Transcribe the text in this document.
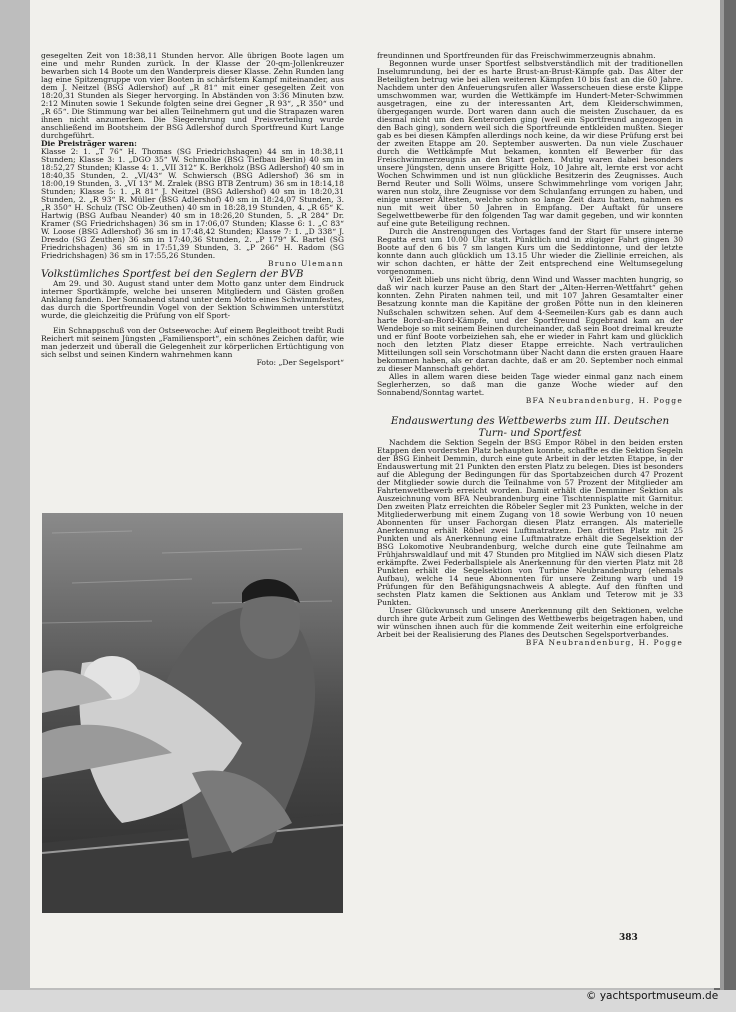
gesegelten Zeit von 18:38,11 Stunden hervor. Alle übrigen Boote lagen um eine und mehr Runden zurück. In der Klasse der 20-qm-Jollenkreuzer bewarben sich 14 Boote um den Wanderpreis dieser Klasse. Zehn Runden lang lag eine Spitzengruppe von vier Booten in schärfstem Kampf miteinander, aus dem J. Neitzel (BSG Adlershof) auf „R 81“ mit einer gesegelten Zeit von 18:20,31 Stunden als Sieger hervorging. In Abständen von 3:36 Minuten bzw. 2:12 Minuten sowie 1 Sekunde folgten seine drei Gegner „R 93“, „R 350“ und „R 65“. Die Stimmung war bei allen Teilnehmern gut und die Strapazen waren ihnen nicht anzumerken. Die Siegerehrung und Preisverteilung wurde anschließend im Bootsheim der BSG Adlershof durch Sportfreund Kurt Lange durchgeführt.

Die Preisträger waren:

Klasse 2: 1. „T 76“ H. Thomas (SG Friedrichshagen) 44 sm in 18:38,11 Stunden; Klasse 3: 1. „DGO 35“ W. Schmolke (BSG Tiefbau Berlin) 40 sm in 18:52,27 Stunden; Klasse 4: 1. „VII 312“ K. Berkholz (BSG Adlershof) 40 sm in 18:40,35 Stunden, 2. „VI/43“ W. Schwiersch (BSG Adlershof) 36 sm in 18:00,19 Stunden, 3. „VI 13“ M. Zralek (BSG BTB Zentrum) 36 sm in 18:14,18 Stunden; Klasse 5: 1. „R 81“ J. Neitzel (BSG Adlershof) 40 sm in 18:20,31 Stunden, 2. „R 93“ R. Müller (BSG Adlershof) 40 sm in 18:24,07 Stunden, 3. „R 350“ H. Schulz (TSC Ob-Zeuthen) 40 sm in 18:28,19 Stunden, 4. „R 65“ K. Hartwig (BSG Aufbau Neander) 40 sm in 18:26,20 Stunden, 5. „R 284“ Dr. Kramer (SG Friedrichshagen) 36 sm in 17:06,07 Stunden; Klasse 6: 1. „C 83“ W. Loose (BSG Adlershof) 36 sm in 17:48,42 Stunden; Klasse 7: 1. „D 338“ J. Dresdo (SG Zeuthen) 36 sm in 17:40,36 Stunden, 2. „P 179“ K. Bartel (SG Friedrichshagen) 36 sm in 17:51,39 Stunden, 3. „P 266“ H. Radom (SG Friedrichshagen) 36 sm in 17:55,26 Stunden.

Bruno Ulemann

Volkstümliches Sportfest bei den Seglern der BVB

Am 29. und 30. August stand unter dem Motto ganz unter dem Eindruck interner Sportkämpfe, welche bei unseren Mitgliedern und Gästen großen Anklang fanden. Der Sonnabend stand unter dem Motto eines Schwimmfestes, das durch die Sportfreundin Vogel von der Sektion Schwimmen unterstützt wurde, die gleichzeitig die Prüfung von elf Sport-

Ein Schnappschuß von der Ostseewoche: Auf einem Begleitboot treibt Rudi Reichert mit seinem Jüngsten „Familiensport“, ein schönes Zeichen dafür, wie man jederzeit und überall die Gelegenheit zur körperlichen Ertüchtigung von sich selbst und seinen Kindern wahrnehmen kann

Foto: „Der Segelsport“

freundinnen und Sportfreunden für das Freischwimmerzeugnis abnahm.

Begonnen wurde unser Sportfest selbstverständlich mit der traditionellen Inselumrundung, bei der es harte Brust-an-Brust-Kämpfe gab. Das Alter der Beteiligten betrug wie bei allen weiteren Kämpfen 10 bis fast an die 60 Jahre. Nachdem unter den Anfeuerungsrufen aller Wasserscheuen diese erste Klippe umschwommen war, wurden die Wettkämpfe im Hundert-Meter-Schwimmen ausgetragen, eine zu der interessanten Art, dem Kleiderschwimmen, übergegangen wurde. Dort waren dann auch die meisten Zuschauer, da es diesmal nicht um den Kenterorden ging (weil ein Sportfreund angezogen in den Bach ging), sondern weil sich die Sportfreunde entkleiden mußten. Sieger gab es bei diesen Kämpfen allerdings noch keine, da wir diese Prüfung erst bei der zweiten Etappe am 20. September auswerten. Da nun viele Zuschauer durch die Wettkämpfe Mut bekamen, konnten elf Bewerber für das Freischwimmerzeugnis an den Start gehen. Mutig waren dabei besonders unsere Jüngsten, denn unsere Brigitte Holz, 10 Jahre alt, lernte erst vor acht Wochen Schwimmen und ist nun glückliche Besitzerin des Zeugnisses. Auch Bernd Reuter und Solli Wölms, unsere Schwimmehrlinge vom vorigen Jahr, waren nun stolz, ihre Zeugnisse vor dem Schulanfang errungen zu haben, und einige unserer Ältesten, welche schon so lange Zeit dazu hatten, nahmen es nun mit weit über 50 Jahren in Empfang. Der Auftakt für unsere Segelwettbewerbe für den folgenden Tag war damit gegeben, und wir konnten auf eine gute Beteiligung rechnen.

Durch die Anstrengungen des Vortages fand der Start für unsere interne Regatta erst um 10.00 Uhr statt. Pünktlich und in zügiger Fahrt gingen 30 Boote auf den 6 bis 7 sm langen Kurs um die Seddintonne, und der letzte konnte dann auch glücklich um 13.15 Uhr wieder die Ziellinie erreichen, als wir schon dachten, er hätte der Zeit entsprechend eine Weltumsegelung vorgenommen.

Viel Zeit blieb uns nicht übrig, denn Wind und Wasser machten hungrig, so daß wir nach kurzer Pause an den Start der „Alten-Herren-Wettfahrt“ gehen konnten. Zehn Piraten nahmen teil, und mit 107 Jahren Gesamtalter einer Besatzung konnte man die Kapitäne der großen Pötte nun in den kleineren Nußschalen schwitzen sehen. Auf dem 4-Seemeilen-Kurs gab es dann auch harte Bord-an-Bord-Kämpfe, und der Sportfreund Eggebrand kam an der Wendeboje so mit seinem Beinen durcheinander, daß sein Boot dreimal kreuzte und er fünf Boote vorbeiziehen sah, ehe er wieder in Fahrt kam und glücklich noch den letzten Platz dieser Etappe erreichte. Nach vertraulichen Mitteilungen soll sein Vorschotmann über Nacht dann die ersten grauen Haare bekommen haben, als er daran dachte, daß er am 20. September noch einmal zu dieser Mannschaft gehört.

Alles in allem waren diese beiden Tage wieder einmal ganz nach einem Seglerherzen, so daß man die ganze Woche wieder auf den Sonnabend/Sonntag wartet.

BFA Neubrandenburg, H. Pogge

Endauswertung des Wettbewerbs zum III. Deutschen Turn- und Sportfest

Nachdem die Sektion Segeln der BSG Empor Röbel in den beiden ersten Etappen den vordersten Platz behaupten konnte, schaffte es die Sektion Segeln der BSG Einheit Demmin, durch eine gute Arbeit in der letzten Etappe, in der Endauswertung mit 21 Punkten den ersten Platz zu belegen. Dies ist besonders auf die Ablegung der Bedingungen für das Sportabzeichen durch 47 Prozent der Mitglieder sowie durch die Teilnahme von 57 Prozent der Mitglieder am Fahrtenwettbewerb erreicht worden. Damit erhält die Demminer Sektion als Auszeichnung vom BFA Neubrandenburg eine Tischtennisplatte mit Garnitur. Den zweiten Platz erreichten die Röbeler Segler mit 23 Punkten, welche in der Mitgliederwerbung mit einem Zugang von 18 sowie Werbung von 10 neuen Abonnenten für unser Fachorgan diesen Platz errangen. Als materielle Anerkennung erhält Röbel zwei Luftmatratzen. Den dritten Platz mit 25 Punkten und als Anerkennung eine Luftmatratze erhält die Segelsektion der BSG Lokomotive Neubrandenburg, welche durch eine gute Teilnahme am Frühjahrswaldlauf und mit 47 Stunden pro Mitglied im NAW sich diesen Platz erkämpfte. Zwei Federballspiele als Anerkennung für den vierten Platz mit 28 Punkten erhält die Segelsektion von Turbine Neubrandenburg (ehemals Aufbau), welche 14 neue Abonnenten für unsere Zeitung warb und 19 Prüfungen für den Befähigungsnachweis A ablegte. Auf den fünften und sechsten Platz kamen die Sektionen aus Anklam und Teterow mit je 33 Punkten.

Unser Glückwunsch und unsere Anerkennung gilt den Sektionen, welche durch ihre gute Arbeit zum Gelingen des Wettbewerbs beigetragen haben, und wir wünschen ihnen auch für die kommende Zeit weiterhin eine erfolgreiche Arbeit bei der Realisierung des Planes des Deutschen Segelsportverbandes.

BFA Neubrandenburg, H. Pogge

383
© yachtsportmuseum.de
